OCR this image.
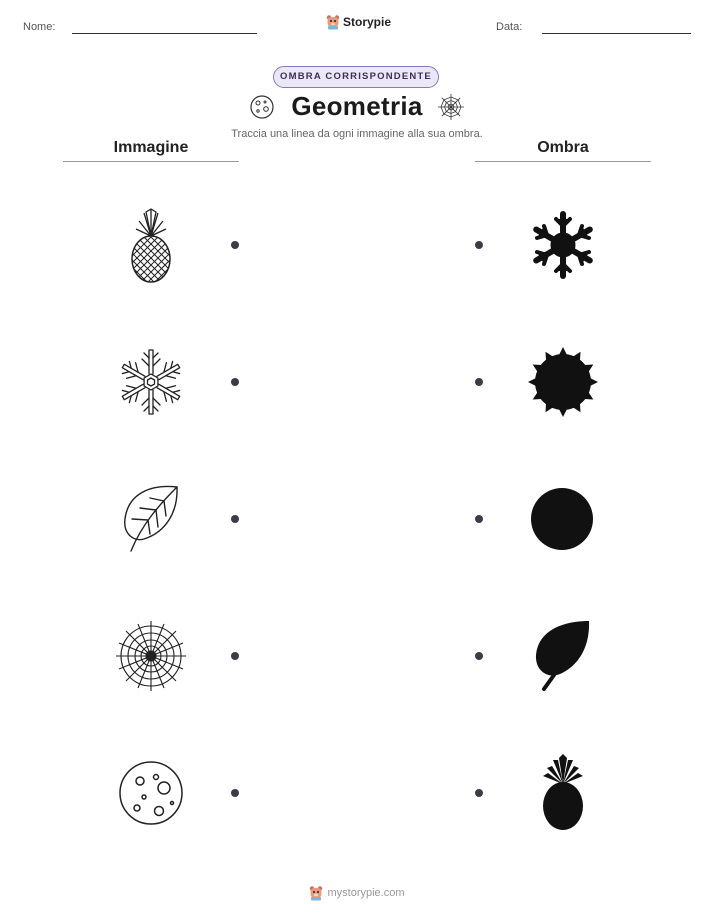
Nome:	Storypie	Data:
OMBRA CORRISPONDENTE
Geometria
Traccia una linea da ogni immagine alla sua ombra.
Immagine	Ombra
mystorypie.com
